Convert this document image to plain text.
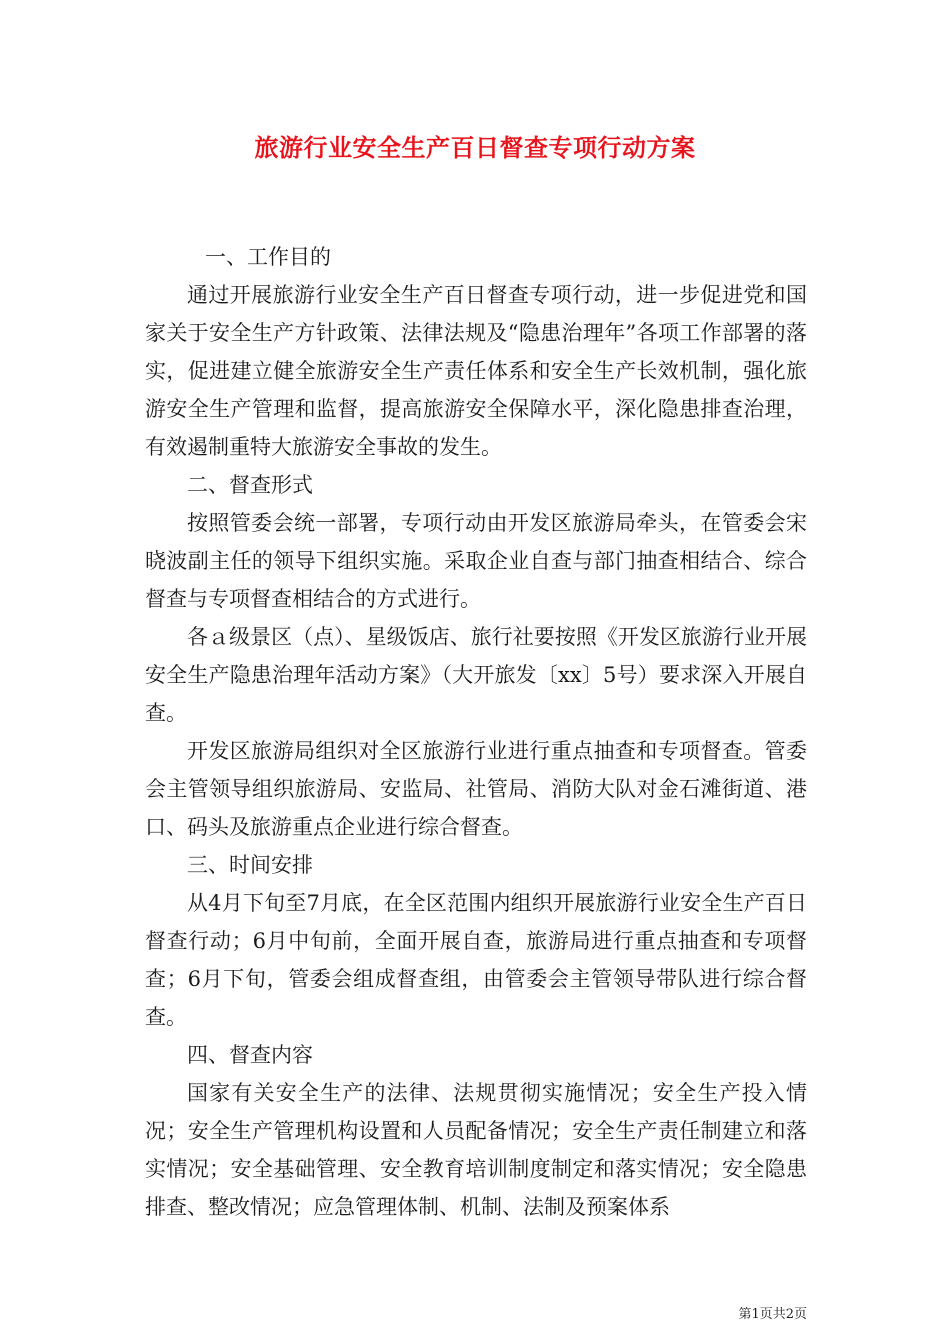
旅游行业安全生产百日督查专项行动方案

一、工作目的

通过开展旅游行业安全生产百日督查专项行动，进一步促进党和国家关于安全生产方针政策、法律法规及“隐患治理年”各项工作部署的落实，促进建立健全旅游安全生产责任体系和安全生产长效机制，强化旅游安全生产管理和监督，提高旅游安全保障水平，深化隐患排查治理，有效遏制重特大旅游安全事故的发生。

二、督查形式

按照管委会统一部署，专项行动由开发区旅游局牵头，在管委会宋晓波副主任的领导下组织实施。采取企业自查与部门抽查相结合、综合督查与专项督查相结合的方式进行。

各ａ级景区（点）、星级饭店、旅行社要按照《开发区旅游行业开展安全生产隐患治理年活动方案》（大开旅发〔xx〕5号）要求深入开展自查。

开发区旅游局组织对全区旅游行业进行重点抽查和专项督查。管委会主管领导组织旅游局、安监局、社管局、消防大队对金石滩街道、港口、码头及旅游重点企业进行综合督查。

三、时间安排

从4月下旬至7月底，在全区范围内组织开展旅游行业安全生产百日督查行动；6月中旬前，全面开展自查，旅游局进行重点抽查和专项督查；6月下旬，管委会组成督查组，由管委会主管领导带队进行综合督查。

四、督查内容

国家有关安全生产的法律、法规贯彻实施情况；安全生产投入情况；安全生产管理机构设置和人员配备情况；安全生产责任制建立和落实情况；安全基础管理、安全教育培训制度制定和落实情况；安全隐患排查、整改情况；应急管理体制、机制、法制及预案体系

第1页共2页
